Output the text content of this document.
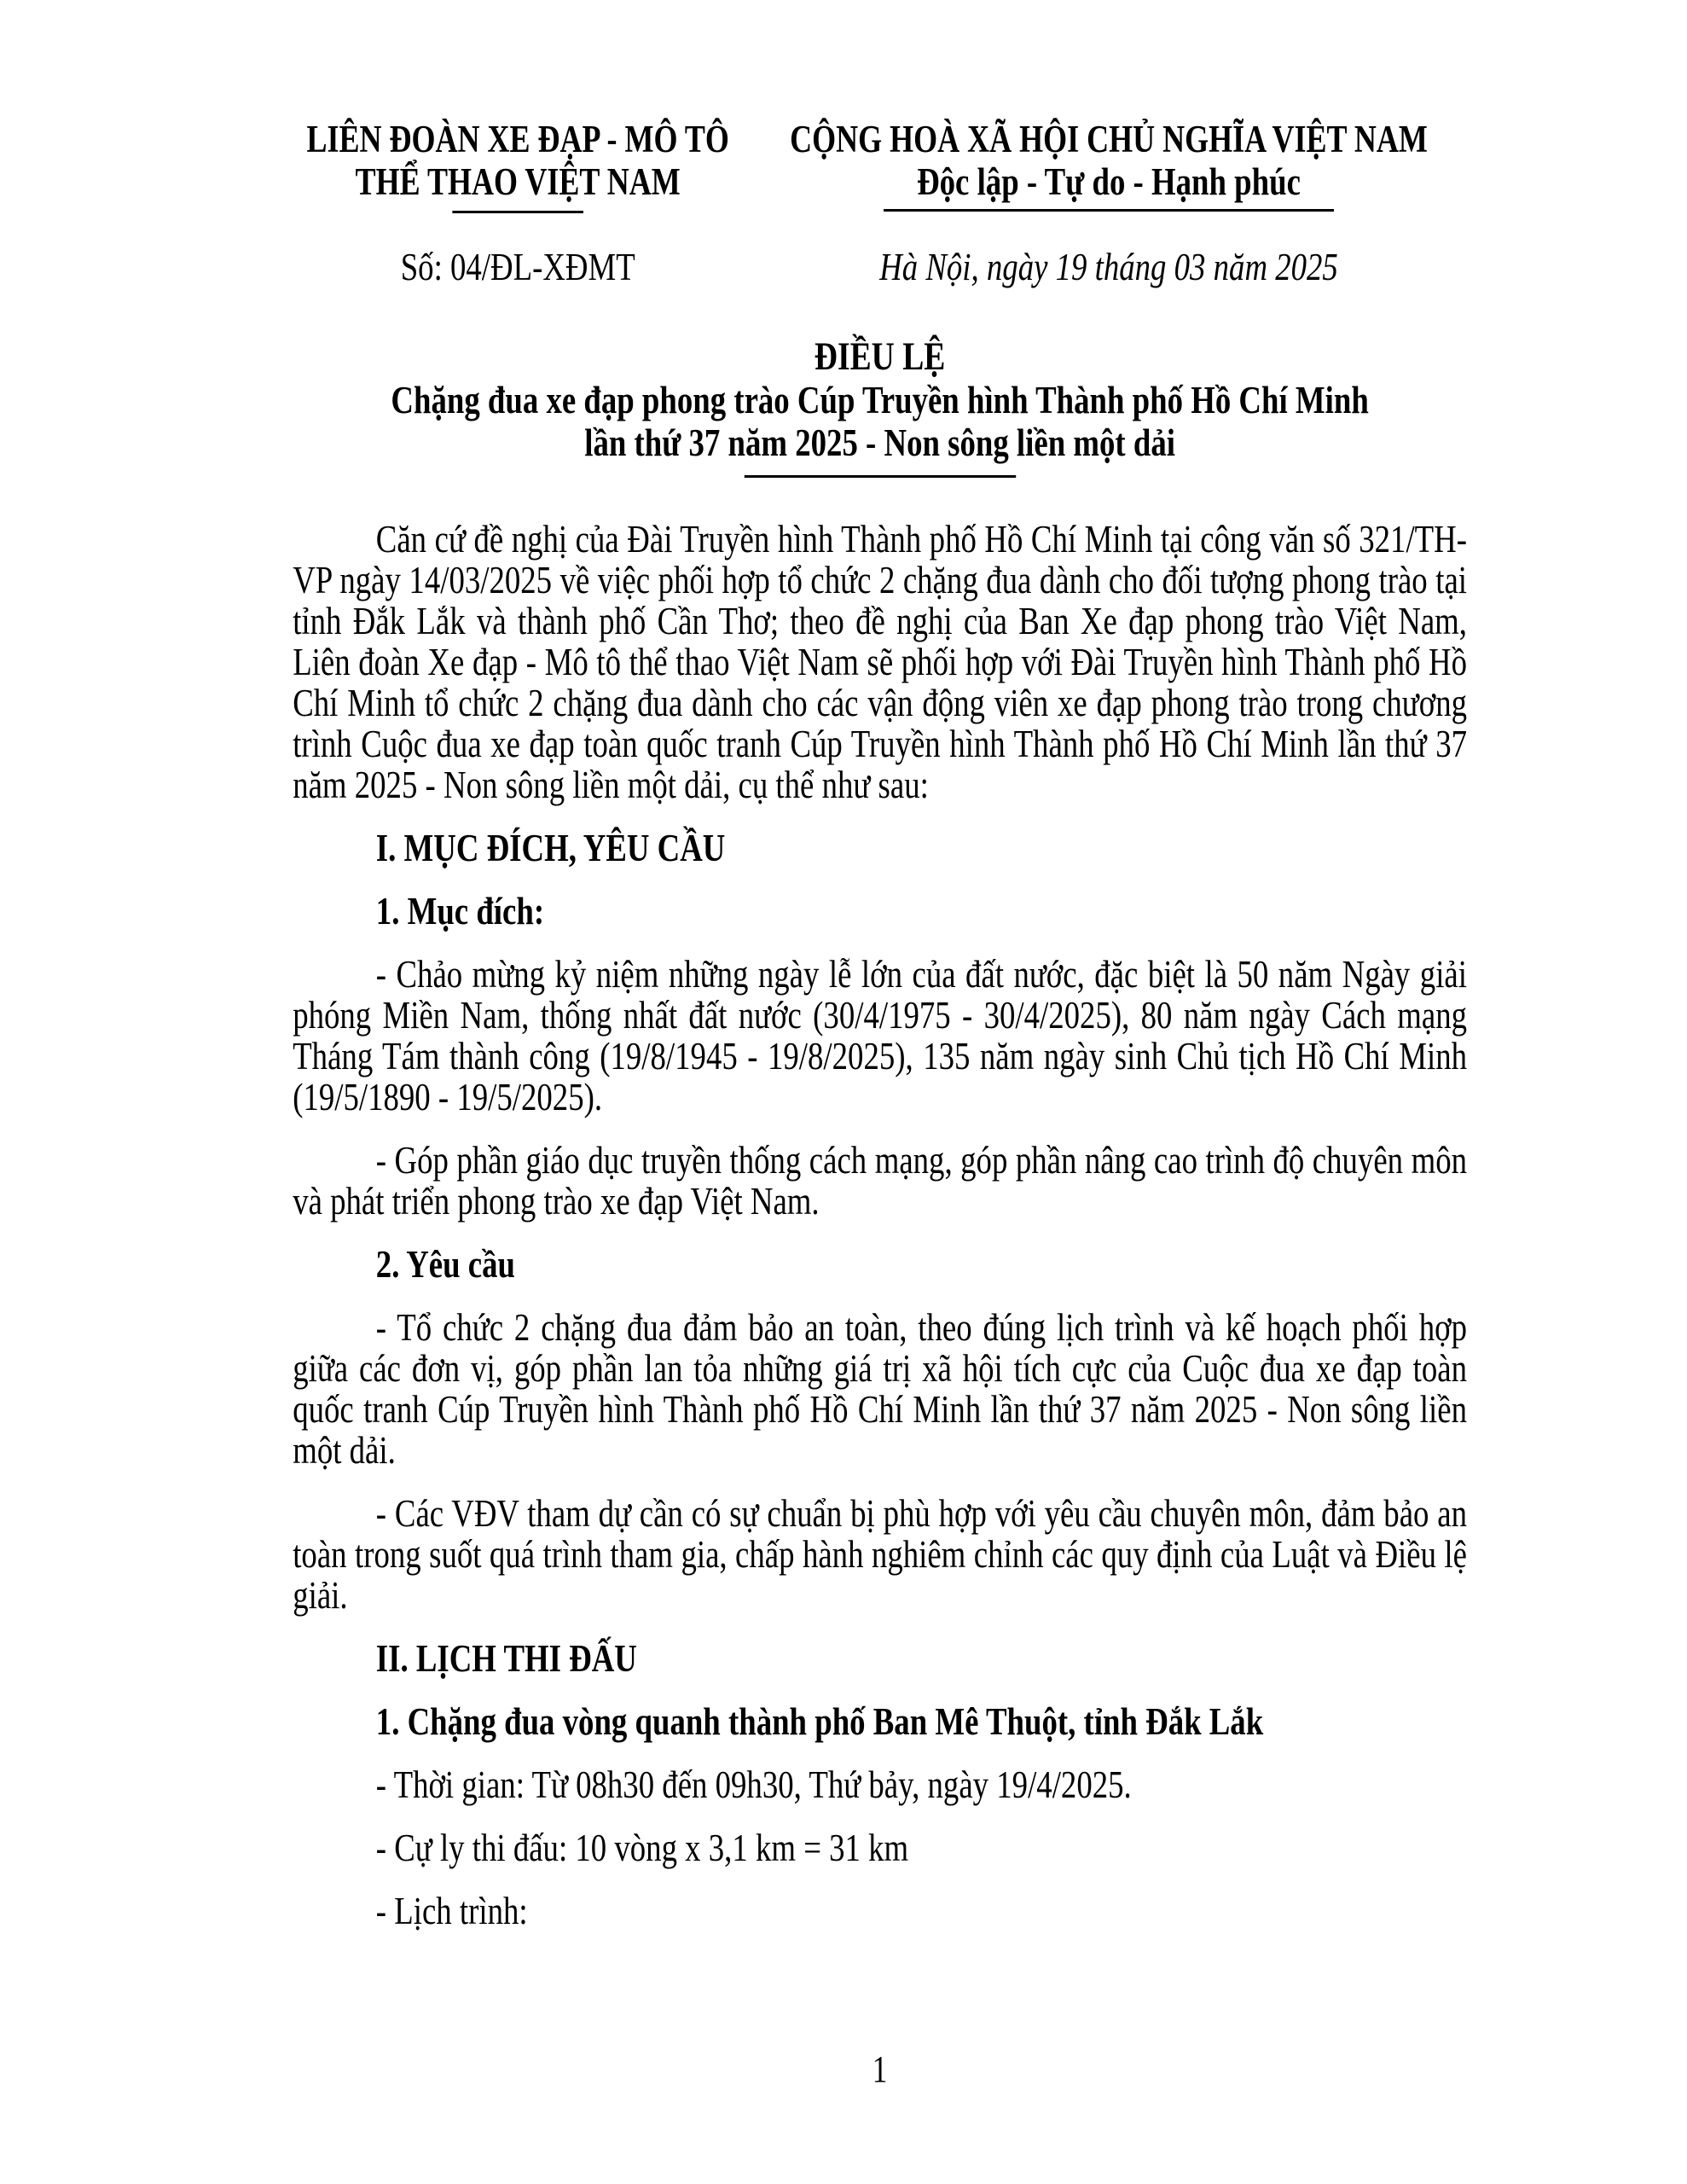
LIÊN ĐOÀN XE ĐẠP - MÔ TÔ
THỂ THAO VIỆT NAM
CỘNG HOÀ XÃ HỘI CHỦ NGHĨA VIỆT NAM
Độc lập - Tự do - Hạnh phúc
Số: 04/ĐL-XĐMT	Hà Nội, ngày 19 tháng 03 năm 2025
ĐIỀU LỆ
Chặng đua xe đạp phong trào Cúp Truyền hình Thành phố Hồ Chí Minh
lần thứ 37 năm 2025 - Non sông liền một dải

Căn cứ đề nghị của Đài Truyền hình Thành phố Hồ Chí Minh tại công văn số 321/TH-VP ngày 14/03/2025 về việc phối hợp tổ chức 2 chặng đua dành cho đối tượng phong trào tại tỉnh Đắk Lắk và thành phố Cần Thơ; theo đề nghị của Ban Xe đạp phong trào Việt Nam, Liên đoàn Xe đạp - Mô tô thể thao Việt Nam sẽ phối hợp với Đài Truyền hình Thành phố Hồ Chí Minh tổ chức 2 chặng đua dành cho các vận động viên xe đạp phong trào trong chương trình Cuộc đua xe đạp toàn quốc tranh Cúp Truyền hình Thành phố Hồ Chí Minh lần thứ 37 năm 2025 - Non sông liền một dải, cụ thể như sau:

I. MỤC ĐÍCH, YÊU CẦU

1. Mục đích:

- Chảo mừng kỷ niệm những ngày lễ lớn của đất nước, đặc biệt là 50 năm Ngày giải phóng Miền Nam, thống nhất đất nước (30/4/1975 - 30/4/2025), 80 năm ngày Cách mạng Tháng Tám thành công (19/8/1945 - 19/8/2025), 135 năm ngày sinh Chủ tịch Hồ Chí Minh (19/5/1890 - 19/5/2025).

- Góp phần giáo dục truyền thống cách mạng, góp phần nâng cao trình độ chuyên môn và phát triển phong trào xe đạp Việt Nam.

2. Yêu cầu

- Tổ chức 2 chặng đua đảm bảo an toàn, theo đúng lịch trình và kế hoạch phối hợp giữa các đơn vị, góp phần lan tỏa những giá trị xã hội tích cực của Cuộc đua xe đạp toàn quốc tranh Cúp Truyền hình Thành phố Hồ Chí Minh lần thứ 37 năm 2025 - Non sông liền một dải.

- Các VĐV tham dự cần có sự chuẩn bị phù hợp với yêu cầu chuyên môn, đảm bảo an toàn trong suốt quá trình tham gia, chấp hành nghiêm chỉnh các quy định của Luật và Điều lệ giải.

II. LỊCH THI ĐẤU

1. Chặng đua vòng quanh thành phố Ban Mê Thuột, tỉnh Đắk Lắk

- Thời gian: Từ 08h30 đến 09h30, Thứ bảy, ngày 19/4/2025.

- Cự ly thi đấu: 10 vòng x 3,1 km = 31 km

- Lịch trình:

1
